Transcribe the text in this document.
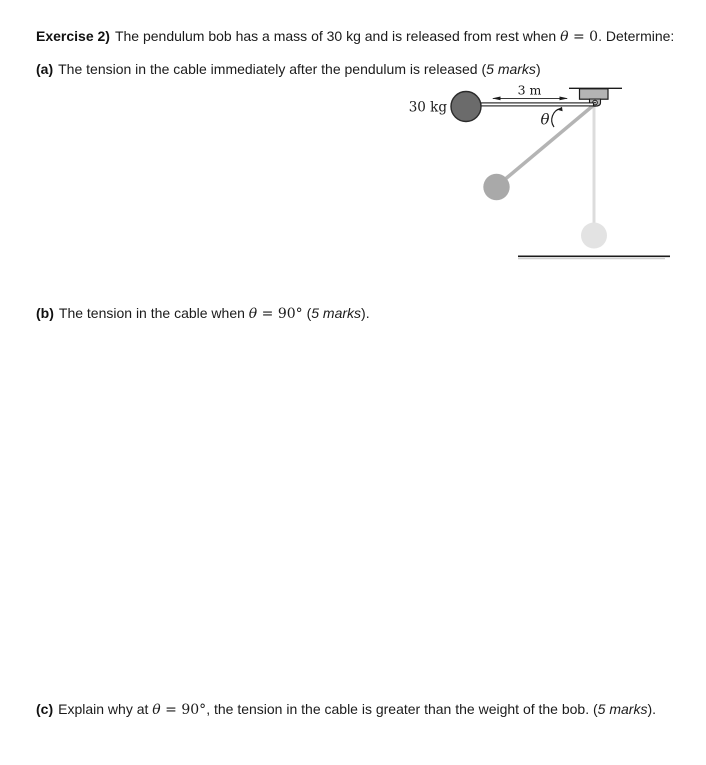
Exercise 2) The pendulum bob has a mass of 30 kg and is released from rest when θ = 0. Determine:

(a) The tension in the cable immediately after the pendulum is released (5 marks)

(b) The tension in the cable when θ = 90° (5 marks).

(c) Explain why at θ = 90°, the tension in the cable is greater than the weight of the bob. (5 marks).

30 kg
3 m
θ
